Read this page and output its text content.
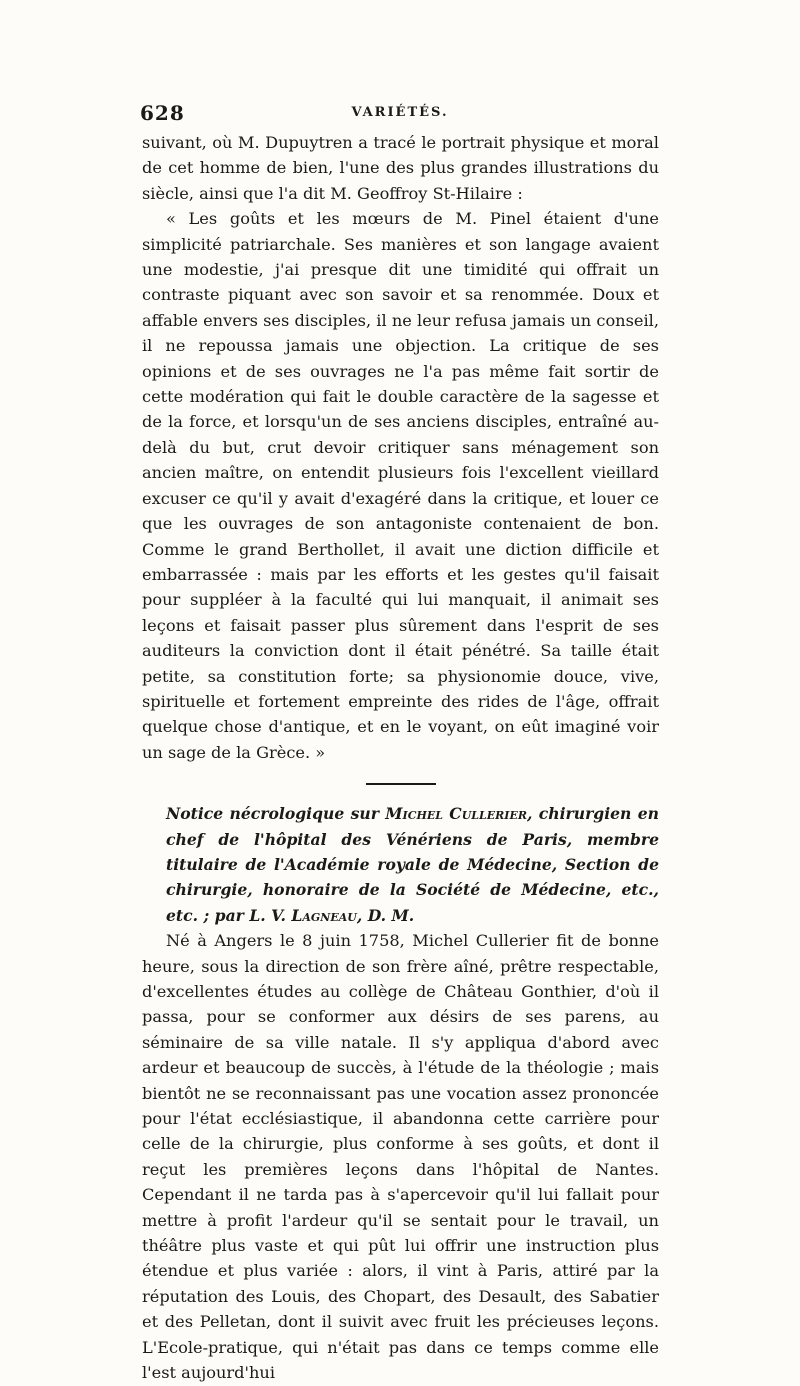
628	VARIÉTÉS.

suivant, où M. Dupuytren a tracé le portrait physique et moral de cet homme de bien, l'une des plus grandes illustrations du siècle, ainsi que l'a dit M. Geoffroy St-Hilaire :

« Les goûts et les mœurs de M. Pinel étaient d'une simplicité patriarchale. Ses manières et son langage avaient une modestie, j'ai presque dit une timidité qui offrait un contraste piquant avec son savoir et sa renommée. Doux et affable envers ses disciples, il ne leur refusa jamais un conseil, il ne repoussa jamais une objection. La critique de ses opinions et de ses ouvrages ne l'a pas même fait sortir de cette modération qui fait le double caractère de la sagesse et de la force, et lorsqu'un de ses anciens disciples, entraîné au-delà du but, crut devoir critiquer sans ménagement son ancien maître, on entendit plusieurs fois l'excellent vieillard excuser ce qu'il y avait d'exagéré dans la critique, et louer ce que les ouvrages de son antagoniste contenaient de bon. Comme le grand Berthollet, il avait une diction difficile et embarrassée : mais par les efforts et les gestes qu'il faisait pour suppléer à la faculté qui lui manquait, il animait ses leçons et faisait passer plus sûrement dans l'esprit de ses auditeurs la conviction dont il était pénétré. Sa taille était petite, sa constitution forte; sa physionomie douce, vive, spirituelle et fortement empreinte des rides de l'âge, offrait quelque chose d'antique, et en le voyant, on eût imaginé voir un sage de la Grèce. »

Notice nécrologique sur Michel Cullerier, chirurgien en chef de l'hôpital des Vénériens de Paris, membre titulaire de l'Académie royale de Médecine, Section de chirurgie, honoraire de la Société de Médecine, etc., etc. ; par L. V. Lagneau, D. M.

Né à Angers le 8 juin 1758, Michel Cullerier fit de bonne heure, sous la direction de son frère aîné, prêtre respectable, d'excellentes études au collège de Château Gonthier, d'où il passa, pour se conformer aux désirs de ses parens, au séminaire de sa ville natale. Il s'y appliqua d'abord avec ardeur et beaucoup de succès, à l'étude de la théologie ; mais bientôt ne se reconnaissant pas une vocation assez prononcée pour l'état ecclésiastique, il abandonna cette carrière pour celle de la chirurgie, plus conforme à ses goûts, et dont il reçut les premières leçons dans l'hôpital de Nantes. Cependant il ne tarda pas à s'apercevoir qu'il lui fallait pour mettre à profit l'ardeur qu'il se sentait pour le travail, un théâtre plus vaste et qui pût lui offrir une instruction plus étendue et plus variée : alors, il vint à Paris, attiré par la réputation des Louis, des Chopart, des Desault, des Sabatier et des Pelletan, dont il suivit avec fruit les précieuses leçons. L'Ecole-pratique, qui n'était pas dans ce temps comme elle l'est aujourd'hui
